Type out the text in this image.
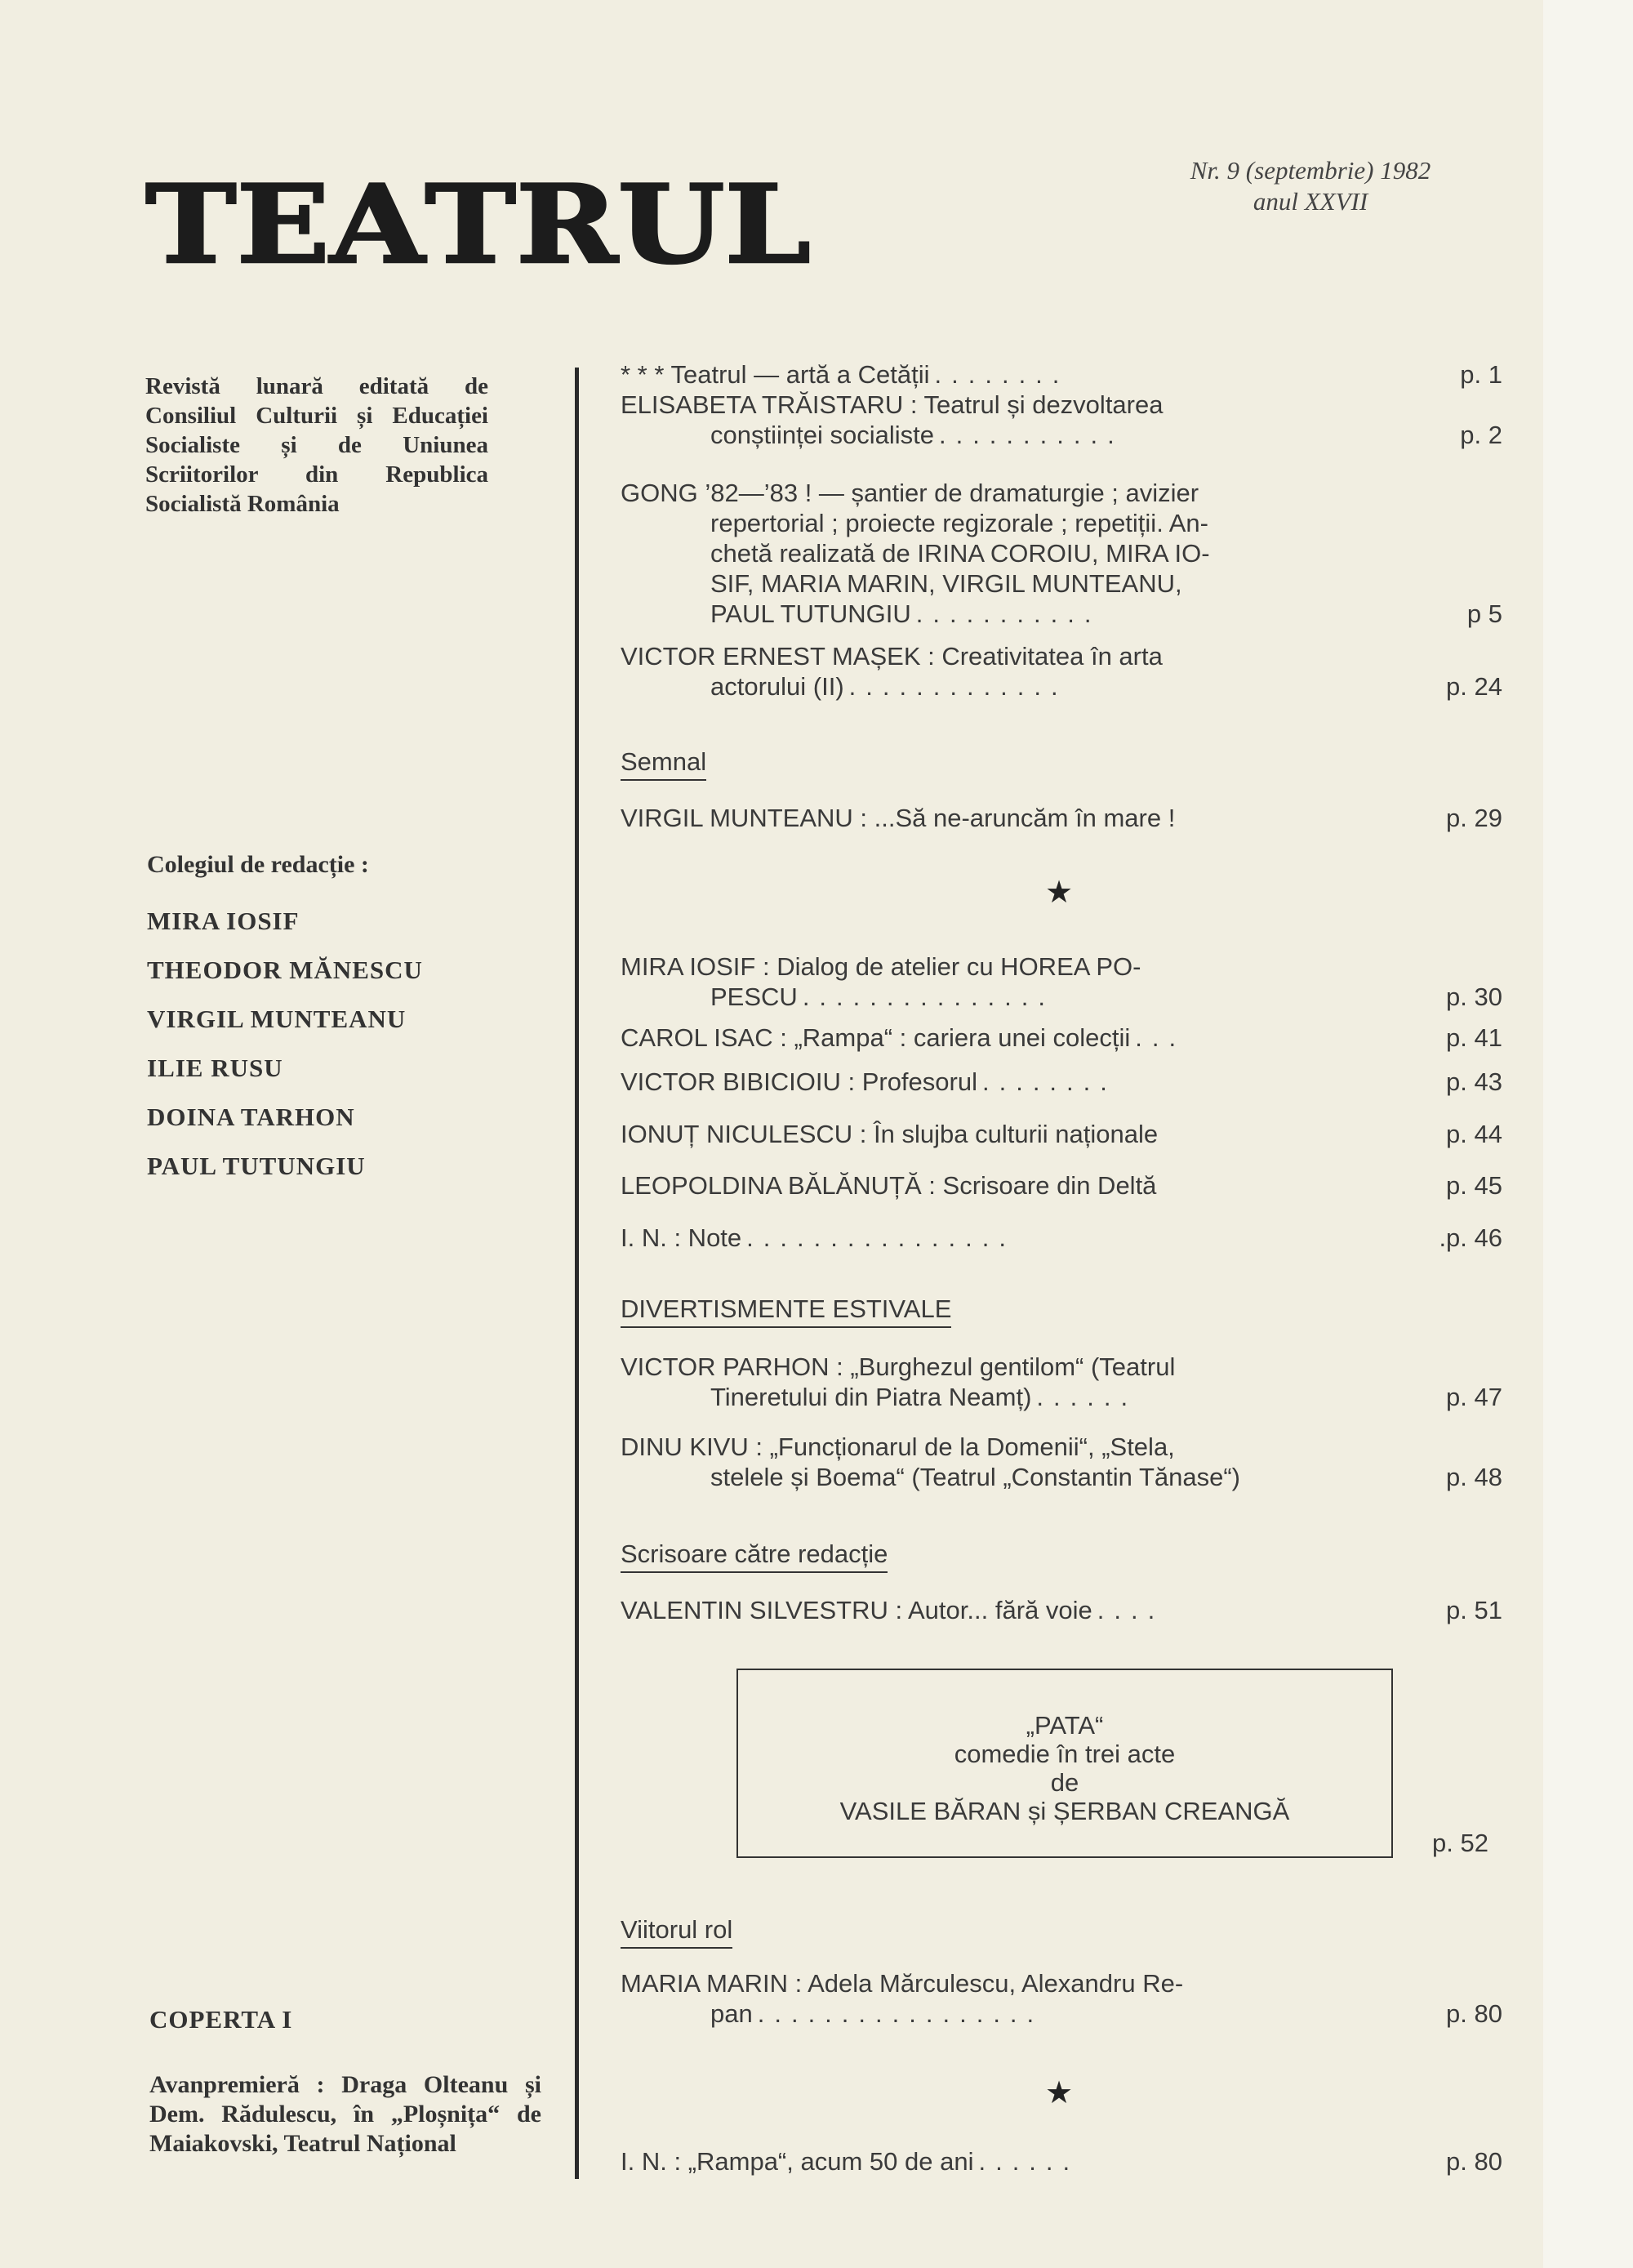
T E A T R U L	Nr. 9 (septembrie) 1982
anul XXVII
Revistă lunară editată de Consiliul Culturii și Educației Socialiste și de Uniunea Scriitorilor din Republica Socialistă România
Colegiul de redacție :
MIRA IOSIF
THEODOR MĂNESCU
VIRGIL MUNTEANU
ILIE RUSU
DOINA TARHON
PAUL TUTUNGIU
COPERTA I
Avanpremieră : Draga Olteanu și Dem. Rădulescu, în „Ploșnița“ de Maiakovski, Teatrul Național
* * * Teatrul — artă a Cetății ........	p. 1
ELISABETA TRĂISTARU : Teatrul și dezvoltarea
conștiinței socialiste ...........	p. 2
GONG ’82—’83 ! — șantier de dramaturgie ; avizier
repertorial ; proiecte regizorale ; repetiții. An-
chetă realizată de IRINA COROIU, MIRA IO-
SIF, MARIA MARIN, VIRGIL MUNTEANU,
PAUL TUTUNGIU ...........	p 5
VICTOR ERNEST MAȘEK : Creativitatea în arta
actorului (II) .............	p. 24
Semnal
VIRGIL MUNTEANU : ...Să ne-aruncăm în mare !	p. 29
★
MIRA IOSIF : Dialog de atelier cu HOREA PO-
PESCU ...............	p. 30
CAROL ISAC : „Rampa“ : cariera unei colecții ...	p. 41
VICTOR BIBICIOIU : Profesorul ........	p. 43
IONUȚ NICULESCU : În slujba culturii naționale	p. 44
LEOPOLDINA BĂLĂNUȚĂ : Scrisoare din Deltă	p. 45
I. N. : Note ................	.p. 46
DIVERTISMENTE ESTIVALE
VICTOR PARHON : „Burghezul gentilom“ (Teatrul
Tineretului din Piatra Neamț) ......	p. 47
DINU KIVU : „Funcționarul de la Domenii“, „Stela,
stelele și Boema“ (Teatrul „Constantin Tănase“)	p. 48
Scrisoare către redacție
VALENTIN SILVESTRU : Autor... fără voie ....	p. 51
Viitorul rol
MARIA MARIN : Adela Mărculescu, Alexandru Re-
pan .................	p. 80
★
I. N. : „Rampa“, acum 50 de ani ......	p. 80
„PATA“
comedie în trei acte
de
VASILE BĂRAN și ȘERBAN CREANGĂ
p. 52
